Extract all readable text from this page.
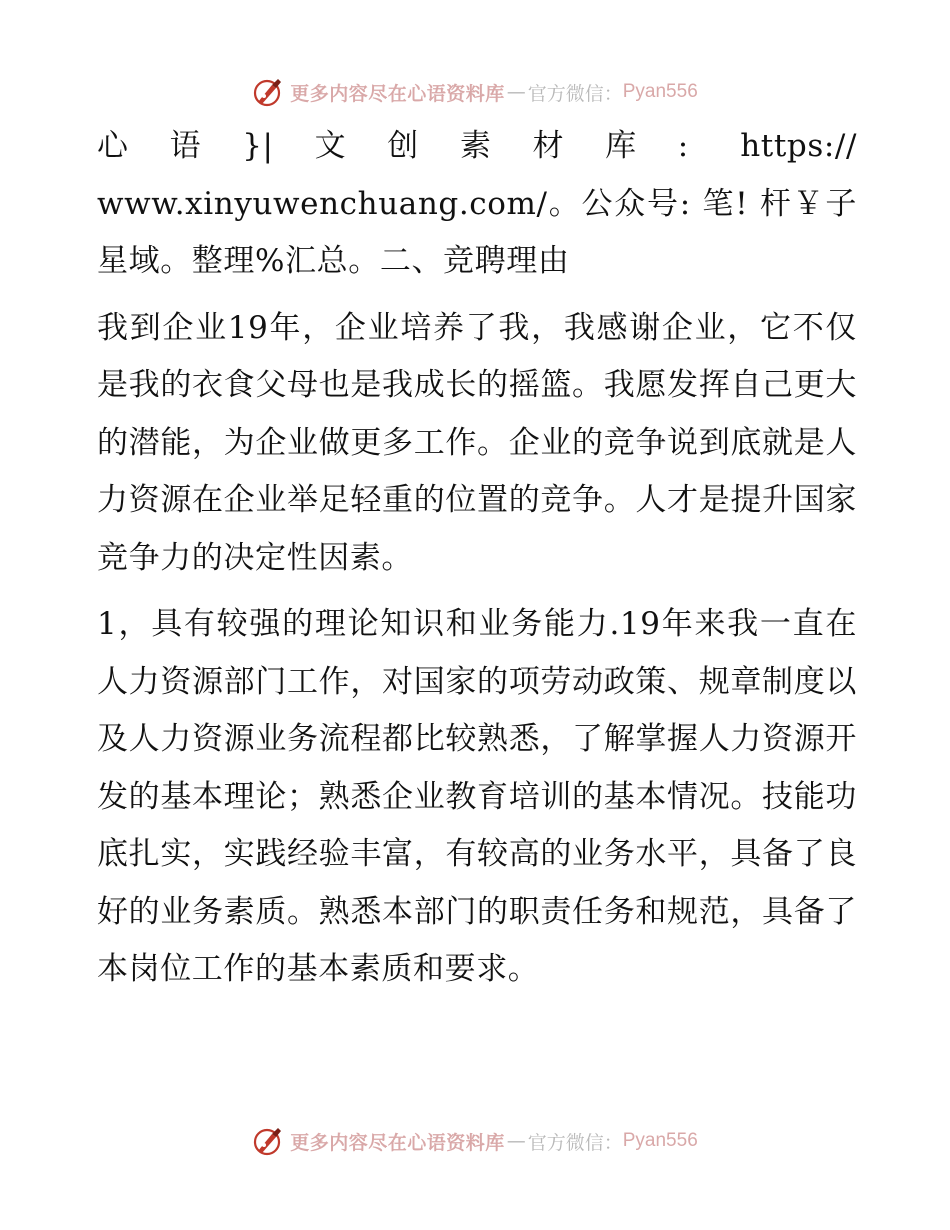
更多内容尽在心语资料库 — 官方微信： Pyan556

心语}|文创素材库: https:// www.xinyuwenchuang.com/。公众号: 笔! 杆￥子星域。整理%汇总。二、竞聘理由

我到企业19年，企业培养了我，我感谢企业，它不仅是我的衣食父母也是我成长的摇篮。我愿发挥自己更大的潜能，为企业做更多工作。企业的竞争说到底就是人力资源在企业举足轻重的位置的竞争。人才是提升国家竞争力的决定性因素。

1，具有较强的理论知识和业务能力.19年来我一直在人力资源部门工作，对国家的项劳动政策、规章制度以及人力资源业务流程都比较熟悉，了解掌握人力资源开发的基本理论；熟悉企业教育培训的基本情况。技能功底扎实，实践经验丰富，有较高的业务水平，具备了良好的业务素质。熟悉本部门的职责任务和规范，具备了本岗位工作的基本素质和要求。

更多内容尽在心语资料库 — 官方微信： Pyan556
